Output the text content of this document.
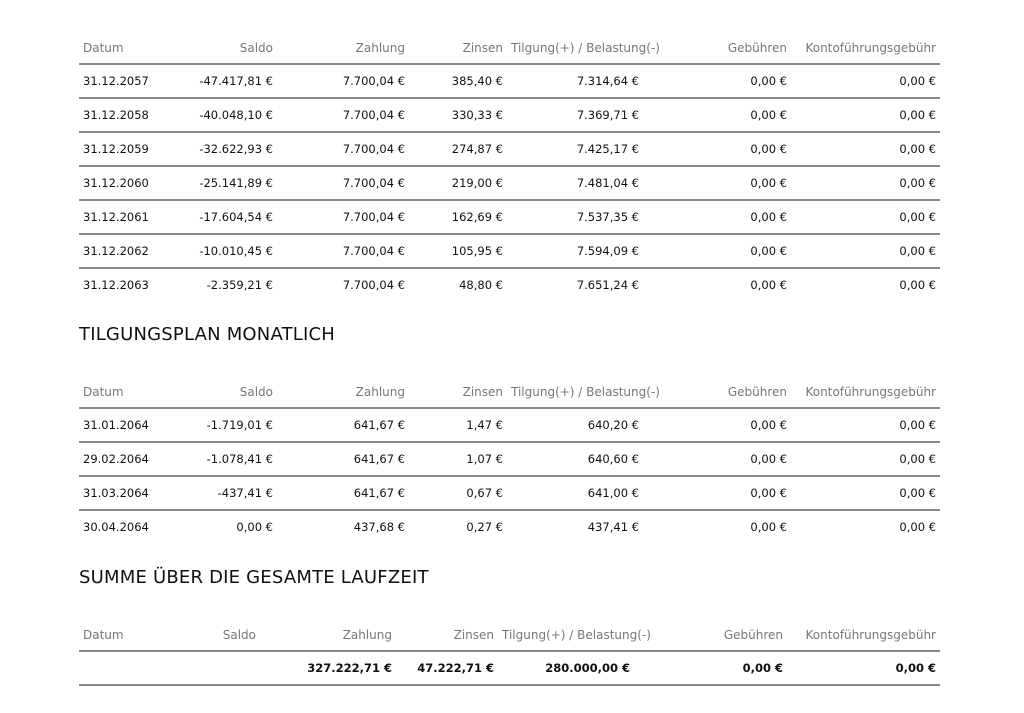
Datum	Saldo	Zahlung	Zinsen	Tilgung(+) / Belastung(-)	Gebühren	Kontoführungsgebühr
31.12.2057	-47.417,81 €	7.700,04 €	385,40 €	7.314,64 €	0,00 €	0,00 €
31.12.2058	-40.048,10 €	7.700,04 €	330,33 €	7.369,71 €	0,00 €	0,00 €
31.12.2059	-32.622,93 €	7.700,04 €	274,87 €	7.425,17 €	0,00 €	0,00 €
31.12.2060	-25.141,89 €	7.700,04 €	219,00 €	7.481,04 €	0,00 €	0,00 €
31.12.2061	-17.604,54 €	7.700,04 €	162,69 €	7.537,35 €	0,00 €	0,00 €
31.12.2062	-10.010,45 €	7.700,04 €	105,95 €	7.594,09 €	0,00 €	0,00 €
31.12.2063	-2.359,21 €	7.700,04 €	48,80 €	7.651,24 €	0,00 €	0,00 €
TILGUNGSPLAN MONATLICH
Datum	Saldo	Zahlung	Zinsen	Tilgung(+) / Belastung(-)	Gebühren	Kontoführungsgebühr
31.01.2064	-1.719,01 €	641,67 €	1,47 €	640,20 €	0,00 €	0,00 €
29.02.2064	-1.078,41 €	641,67 €	1,07 €	640,60 €	0,00 €	0,00 €
31.03.2064	-437,41 €	641,67 €	0,67 €	641,00 €	0,00 €	0,00 €
30.04.2064	0,00 €	437,68 €	0,27 €	437,41 €	0,00 €	0,00 €
SUMME ÜBER DIE GESAMTE LAUFZEIT
Datum	Saldo	Zahlung	Zinsen	Tilgung(+) / Belastung(-)	Gebühren	Kontoführungsgebühr
		327.222,71 €	47.222,71 €	280.000,00 €	0,00 €	0,00 €
